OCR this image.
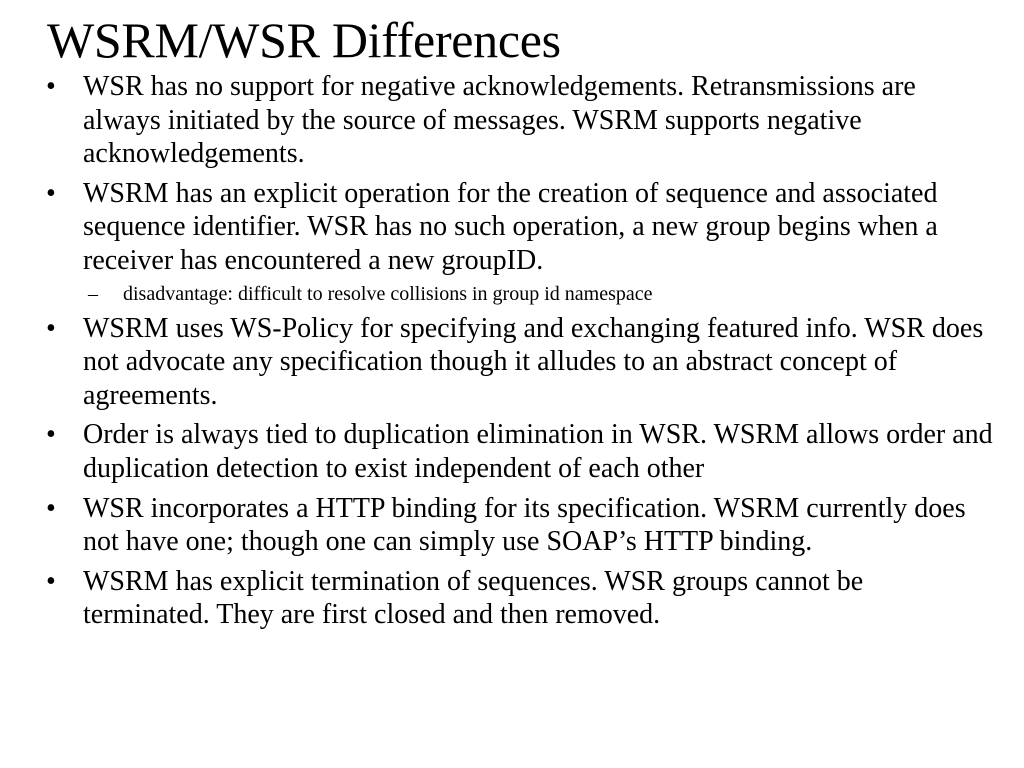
WSRM/WSR Differences
• WSR has no support for negative acknowledgements. Retransmissions are always initiated by the source of messages. WSRM supports negative acknowledgements.
• WSRM has an explicit operation for the creation of sequence and associated sequence identifier. WSR has no such operation, a new group begins when a receiver has encountered a new groupID.
–	disadvantage: difficult to resolve collisions in group id namespace
• WSRM uses WS-Policy for specifying and exchanging featured info. WSR does not advocate any specification though it alludes to an abstract concept of agreements.
• Order is always tied to duplication elimination in WSR. WSRM allows order and duplication detection to exist independent of each other
• WSR incorporates a HTTP binding for its specification. WSRM currently does not have one; though one can simply use SOAP’s HTTP binding.
• WSRM has explicit termination of sequences. WSR groups cannot be terminated. They are first closed and then removed.
